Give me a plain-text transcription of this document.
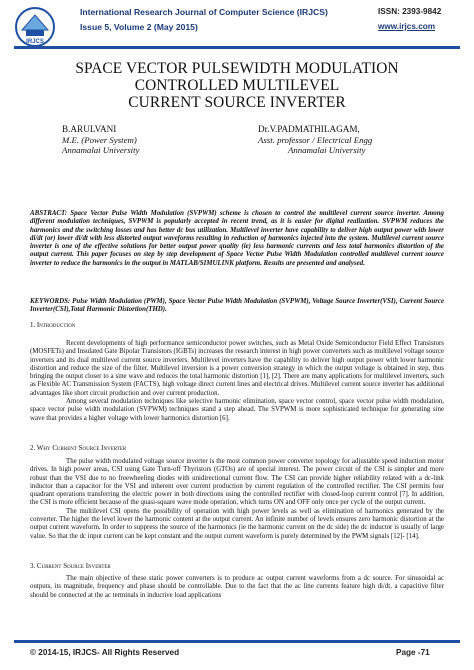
IRJCS
International Research Journal of Computer Science (IRJCS)
Issue 5, Volume 2 (May 2015)
ISSN: 2393-9842
www.irjcs.com
SPACE VECTOR PULSEWIDTH MODULATION
CONTROLLED MULTILEVEL
CURRENT SOURCE INVERTER
B.ARULVANI
M.E. (Power System)
Annamalai University
Dr.V.PADMATHILAGAM,
Asst. professor / Electrical Engg
Annamalai University
ABSTRACT: Space Vector Pulse Width Modulation (SVPWM) scheme is chosen to control the multilevel current source inverter. Among different modulation techniques, SVPWM is popularly accepted in recent trend, as it is easier for digital realization. SVPWM reduces the harmonics and the switching losses and has better dc bus utilization. Multilevel inverter have capability to deliver high output power with lower di/dt (or) lower di/dt with less distorted output waveforms resulting in reduction of harmonics injected into the system. Multilevel current source inverter is one of the effective solutions for better output power quality (ie) less harmonic currents and less total harmonics distortion of the output current. This paper focuses on step by step development of Space Vector Pulse Width Modulation controlled multilevel current source inverter to reduce the harmonics in the output in MATLAB/SIMULINK platform. Results are presented and analysed.
KEYWORDS: Pulse Width Modulation (PWM), Space Vector Pulse Width Modulation (SVPWM), Voltage Source Inverter(VSI), Current Source Inverter(CSI),Total Harmonic Distortion(THD).
1. Introduction

Recent developments of high performance semiconductor power switches, such as Metal Oxide Semiconductor Field Effect Transistors (MOSFETs) and Insulated Gate Bipolar Transistors (IGBTs) increases the research interest in high power converters such as multilevel voltage source inverters and its dual multilevel current source inverters. Multilevel inverters have the capability to deliver high output power with lower harmonic distortion and reduce the size of the filter. Multilevel inversion is a power conversion strategy in which the output voltage is obtained in step, thus bringing the output closer to a sine wave and reduces the total harmonic distortion [1], [2]. There are many applications for multilevel inverters, such as Flexible AC Transmission System (FACTS), high voltage direct current lines and electrical drives. Multilevel current source inverter has additional advantages like short circuit production and over current production.

Among several modulation techniques like selective harmonic elimination, space vector control, space vector pulse width modulation, space vector pulse width modulation (SVPWM) techniques stand a step ahead. The SVPWM is more sophisticated technique for generating sine wave that provides a higher voltage with lower harmonics distortion [6].

2. Why Current Source Inverter

The pulse width modulated voltage source inverter is the most common power converter topology for adjustable speed induction motor drives. In high power areas, CSI using Gate Turn-off Thyristors (GTOs) are of special interest. The power circuit of the CSI is simpler and more robust than the VSI due to no freewheeling diodes with unidirectional current flow. The CSI can provide higher reliability related with a dc-link inductor than a capacitor for the VSI and inherent over current production by current regulation of the controlled rectifier. The CSI permits four quadrant operations transferring the electric power in both directions using the controlled rectifier with closed-loop current control [7]. In addition, the CSI is more efficient because of the quasi-square wave mode operation, which turns ON and OFF only once per cycle of the output current.

The multilevel CSI opens the possibility of operation with high power levels as well as elimination of harmonics generated by the converter. The higher the level lower the harmonic content at the output current. An infinite number of levels ensures zero harmonic distortion at the output current waveform. In order to suppress the source of the harmonics (ie the harmonic current on the dc side) the dc inductor is usually of large value. So that the dc input current can be kept constant and the output current waveform is purely determined by the PWM signals [12]- [14].

3. Current Source Inverter

The main objective of these static power converters is to produce ac output current waveforms from a dc source. For sinusoidal ac outputs, its magnitude, frequency and phase should be controllable. Due to the fact that the ac line currents feature high di/dt, a capacitive filter should be connected at the ac terminals in inductive load applications

© 2014-15, IRJCS- All Rights Reserved	Page -71
